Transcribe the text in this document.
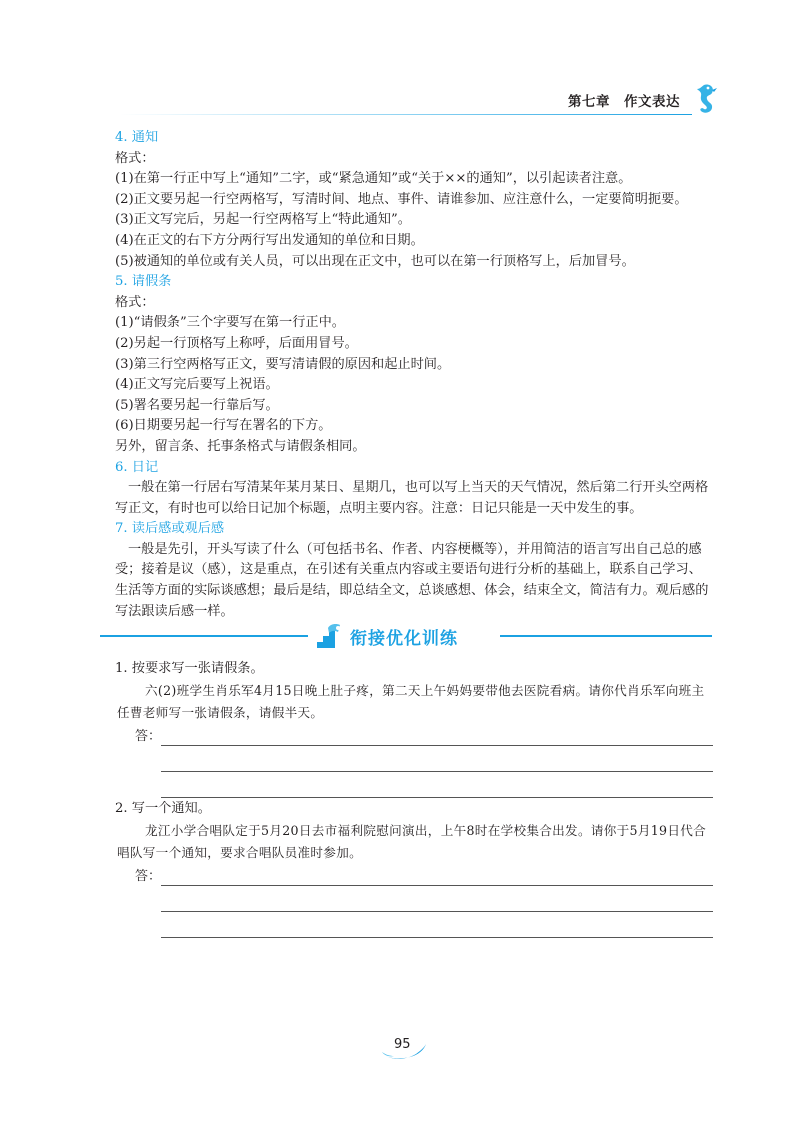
第七章 作文表达
4. 通知
格式：
(1)在第一行正中写上“通知”二字，或“紧急通知”或“关于××的通知”，以引起读者注意。
(2)正文要另起一行空两格写，写清时间、地点、事件、请谁参加、应注意什么，一定要简明扼要。
(3)正文写完后，另起一行空两格写上“特此通知”。
(4)在正文的右下方分两行写出发通知的单位和日期。
(5)被通知的单位或有关人员，可以出现在正文中，也可以在第一行顶格写上，后加冒号。
5. 请假条
格式：
(1)“请假条”三个字要写在第一行正中。
(2)另起一行顶格写上称呼，后面用冒号。
(3)第三行空两格写正文，要写清请假的原因和起止时间。
(4)正文写完后要写上祝语。
(5)署名要另起一行靠后写。
(6)日期要另起一行写在署名的下方。
另外，留言条、托事条格式与请假条相同。
6. 日记
一般在第一行居右写清某年某月某日、星期几，也可以写上当天的天气情况，然后第二行开头空两格写正文，有时也可以给日记加个标题，点明主要内容。注意：日记只能是一天中发生的事。
7. 读后感或观后感
一般是先引，开头写读了什么（可包括书名、作者、内容梗概等），并用简洁的语言写出自己总的感受；接着是议（感），这是重点，在引述有关重点内容或主要语句进行分析的基础上，联系自己学习、生活等方面的实际谈感想；最后是结，即总结全文，总谈感想、体会，结束全文，简洁有力。观后感的写法跟读后感一样。
衔接优化训练
1. 按要求写一张请假条。
六(2)班学生肖乐军4月15日晚上肚子疼，第二天上午妈妈要带他去医院看病。请你代肖乐军向班主任曹老师写一张请假条，请假半天。
答：
2. 写一个通知。
龙江小学合唱队定于5月20日去市福利院慰问演出，上午8时在学校集合出发。请你于5月19日代合唱队写一个通知，要求合唱队员准时参加。
答：
95
